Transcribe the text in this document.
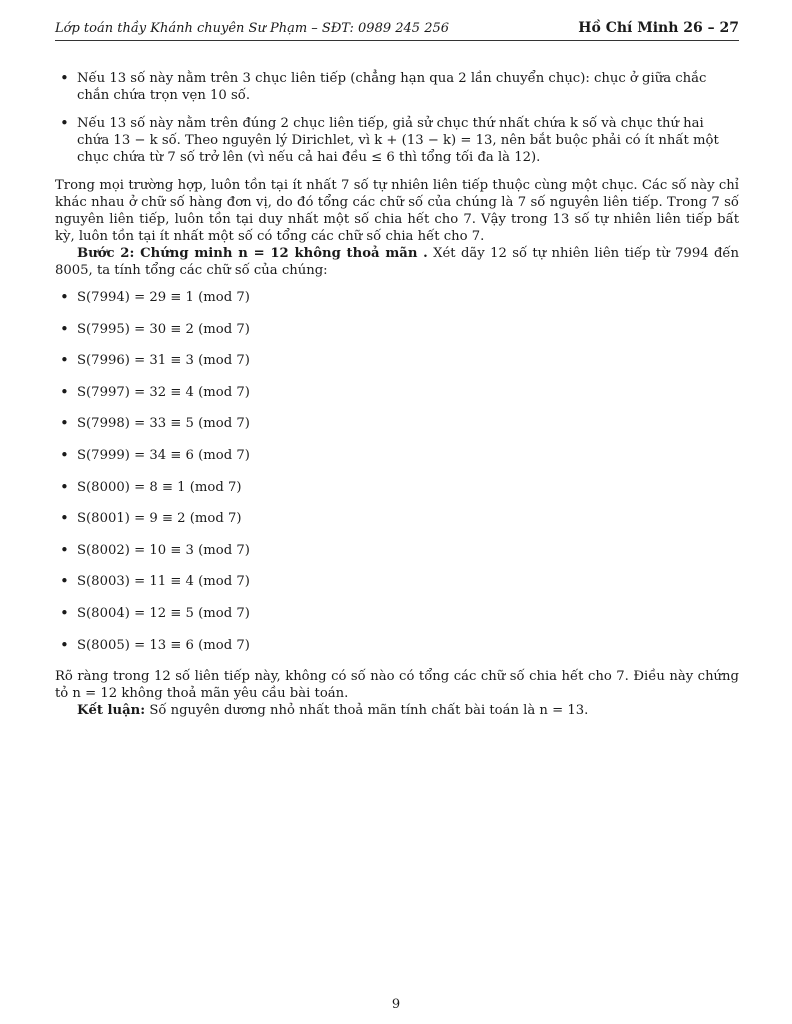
Lớp toán thầy Khánh chuyên Sư Phạm – SĐT: 0989 245 256	Hồ Chí Minh 26 – 27
• Nếu 13 số này nằm trên 3 chục liên tiếp (chẳng hạn qua 2 lần chuyển chục): chục ở giữa chắc chắn chứa trọn vẹn 10 số.
• Nếu 13 số này nằm trên đúng 2 chục liên tiếp, giả sử chục thứ nhất chứa k số và chục thứ hai chứa 13 − k số. Theo nguyên lý Dirichlet, vì k + (13 − k) = 13, nên bắt buộc phải có ít nhất một chục chứa từ 7 số trở lên (vì nếu cả hai đều ≤ 6 thì tổng tối đa là 12).

Trong mọi trường hợp, luôn tồn tại ít nhất 7 số tự nhiên liên tiếp thuộc cùng một chục. Các số này chỉ khác nhau ở chữ số hàng đơn vị, do đó tổng các chữ số của chúng là 7 số nguyên liên tiếp. Trong 7 số nguyên liên tiếp, luôn tồn tại duy nhất một số chia hết cho 7. Vậy trong 13 số tự nhiên liên tiếp bất kỳ, luôn tồn tại ít nhất một số có tổng các chữ số chia hết cho 7.

Bước 2: Chứng minh n = 12 không thoả mãn . Xét dãy 12 số tự nhiên liên tiếp từ 7994 đến 8005, ta tính tổng các chữ số của chúng:

• S(7994) = 29 ≡ 1 (mod 7)
• S(7995) = 30 ≡ 2 (mod 7)
• S(7996) = 31 ≡ 3 (mod 7)
• S(7997) = 32 ≡ 4 (mod 7)
• S(7998) = 33 ≡ 5 (mod 7)
• S(7999) = 34 ≡ 6 (mod 7)
• S(8000) = 8 ≡ 1 (mod 7)
• S(8001) = 9 ≡ 2 (mod 7)
• S(8002) = 10 ≡ 3 (mod 7)
• S(8003) = 11 ≡ 4 (mod 7)
• S(8004) = 12 ≡ 5 (mod 7)
• S(8005) = 13 ≡ 6 (mod 7)

Rõ ràng trong 12 số liên tiếp này, không có số nào có tổng các chữ số chia hết cho 7. Điều này chứng tỏ n = 12 không thoả mãn yêu cầu bài toán.

Kết luận: Số nguyên dương nhỏ nhất thoả mãn tính chất bài toán là n = 13.

9
